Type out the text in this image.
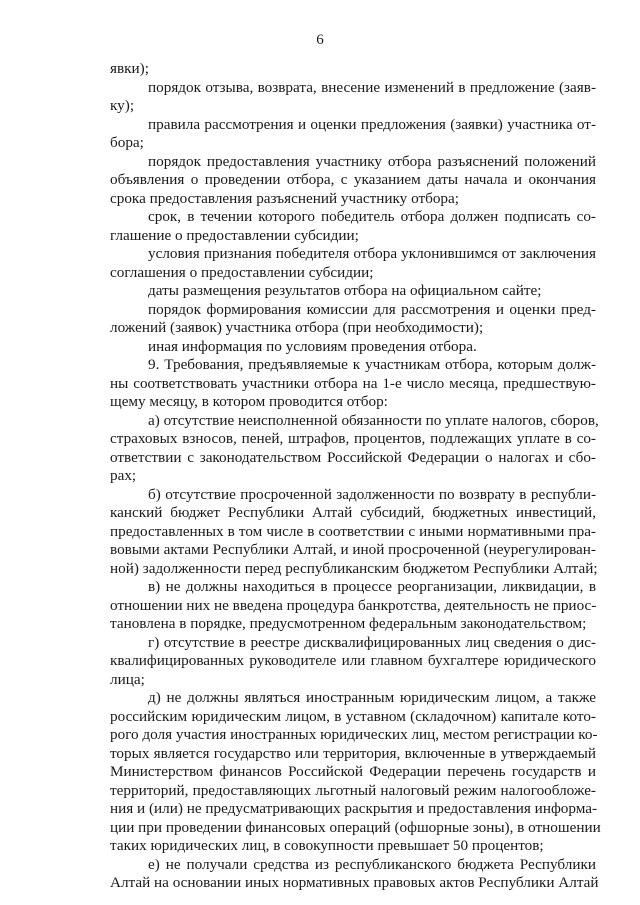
6
явки);
порядок отзыва, возврата, внесение изменений в предложение (заяв-
ку);
правила рассмотрения и оценки предложения (заявки) участника от-
бора;
порядок предоставления участнику отбора разъяснений положений
объявления о проведении отбора, с указанием даты начала и окончания
срока предоставления разъяснений участнику отбора;
срок, в течении которого победитель отбора должен подписать со-
глашение о предоставлении субсидии;
условия признания победителя отбора уклонившимся от заключения
соглашения о предоставлении субсидии;
даты размещения результатов отбора на официальном сайте;
порядок формирования комиссии для рассмотрения и оценки пред-
ложений (заявок) участника отбора (при необходимости);
иная информация по условиям проведения отбора.
9. Требования, предъявляемые к участникам отбора, которым долж-
ны соответствовать участники отбора на 1-е число месяца, предшествую-
щему месяцу, в котором проводится отбор:
а) отсутствие неисполненной обязанности по уплате налогов, сборов,
страховых взносов, пеней, штрафов, процентов, подлежащих уплате в со-
ответствии с законодательством Российской Федерации о налогах и сбо-
рах;
б) отсутствие просроченной задолженности по возврату в республи-
канский бюджет Республики Алтай субсидий, бюджетных инвестиций,
предоставленных в том числе в соответствии с иными нормативными пра-
вовыми актами Республики Алтай, и иной просроченной (неурегулирован-
ной) задолженности перед республиканским бюджетом Республики Алтай;
в) не должны находиться в процессе реорганизации, ликвидации, в
отношении них не введена процедура банкротства, деятельность не приос-
тановлена в порядке, предусмотренном федеральным законодательством;
г) отсутствие в реестре дисквалифицированных лиц сведения о дис-
квалифицированных руководителе или главном бухгалтере юридического
лица;
д) не должны являться иностранным юридическим лицом, а также
российским юридическим лицом, в уставном (складочном) капитале кото-
рого доля участия иностранных юридических лиц, местом регистрации ко-
торых является государство или территория, включенные в утверждаемый
Министерством финансов Российской Федерации перечень государств и
территорий, предоставляющих льготный налоговый режим налогообложе-
ния и (или) не предусматривающих раскрытия и предоставления информа-
ции при проведении финансовых операций (офшорные зоны), в отношении
таких юридических лиц, в совокупности превышает 50 процентов;
е) не получали средства из республиканского бюджета Республики
Алтай на основании иных нормативных правовых актов Республики Алтай
